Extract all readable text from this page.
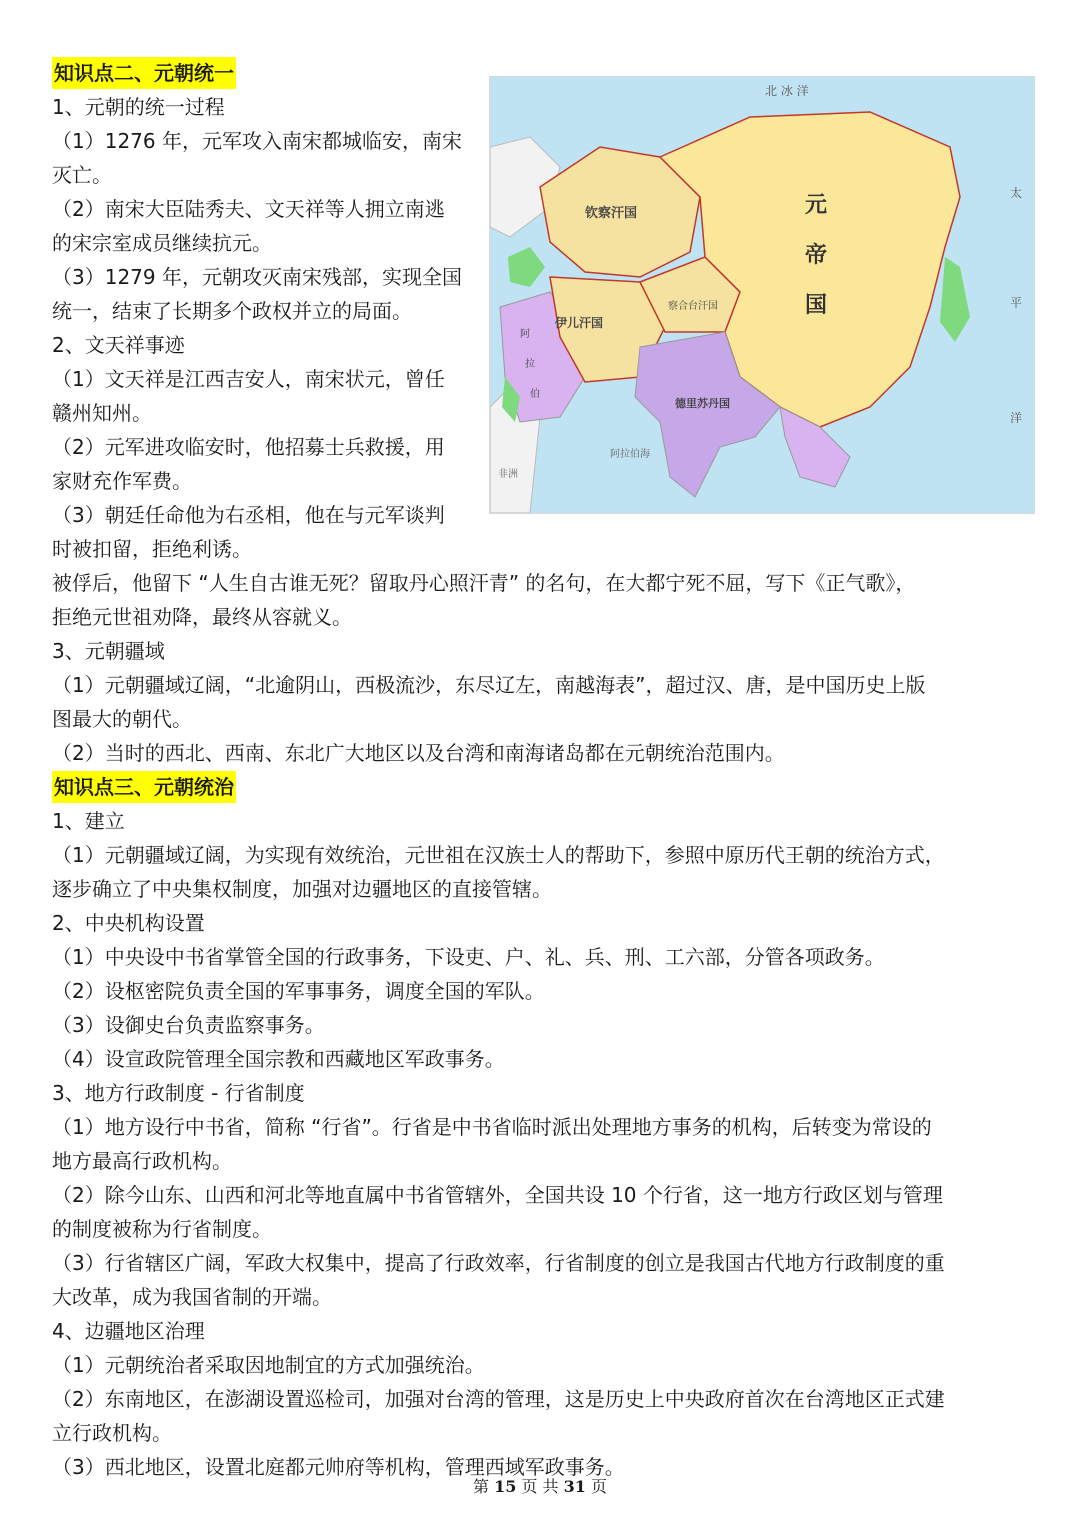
知识点二、元朝统一
1、元朝的统一过程
（1）1276 年，元军攻入南宋都城临安，南宋
灭亡。
（2）南宋大臣陆秀夫、文天祥等人拥立南逃
的宋宗室成员继续抗元。
（3）1279 年，元朝攻灭南宋残部，实现全国
统一，结束了长期多个政权并立的局面。
2、文天祥事迹
（1）文天祥是江西吉安人，南宋状元，曾任
赣州知州。
（2）元军进攻临安时，他招募士兵救援，用
家财充作军费。
（3）朝廷任命他为右丞相，他在与元军谈判
时被扣留，拒绝利诱。
北 冰 洋
太
平
洋
元
帝
国
钦察汗国
伊儿汗国
察合台汗国
德里苏丹国
阿
拉
伯
阿拉伯海
非洲
被俘后，他留下 “人生自古谁无死？留取丹心照汗青” 的名句，在大都宁死不屈，写下《正气歌》，
拒绝元世祖劝降，最终从容就义。
3、元朝疆域
（1）元朝疆域辽阔，“北逾阴山，西极流沙，东尽辽左，南越海表”，超过汉、唐，是中国历史上版
图最大的朝代。
（2）当时的西北、西南、东北广大地区以及台湾和南海诸岛都在元朝统治范围内。
知识点三、元朝统治
1、建立
（1）元朝疆域辽阔，为实现有效统治，元世祖在汉族士人的帮助下，参照中原历代王朝的统治方式，
逐步确立了中央集权制度，加强对边疆地区的直接管辖。
2、中央机构设置
（1）中央设中书省掌管全国的行政事务，下设吏、户、礼、兵、刑、工六部，分管各项政务。
（2）设枢密院负责全国的军事事务，调度全国的军队。
（3）设御史台负责监察事务。
（4）设宣政院管理全国宗教和西藏地区军政事务。
3、地方行政制度 - 行省制度
（1）地方设行中书省，简称 “行省”。行省是中书省临时派出处理地方事务的机构，后转变为常设的
地方最高行政机构。
（2）除今山东、山西和河北等地直属中书省管辖外，全国共设 10 个行省，这一地方行政区划与管理
的制度被称为行省制度。
（3）行省辖区广阔，军政大权集中，提高了行政效率，行省制度的创立是我国古代地方行政制度的重
大改革，成为我国省制的开端。
4、边疆地区治理
（1）元朝统治者采取因地制宜的方式加强统治。
（2）东南地区，在澎湖设置巡检司，加强对台湾的管理，这是历史上中央政府首次在台湾地区正式建
立行政机构。
（3）西北地区，设置北庭都元帅府等机构，管理西域军政事务。
第 15 页 共 31 页
